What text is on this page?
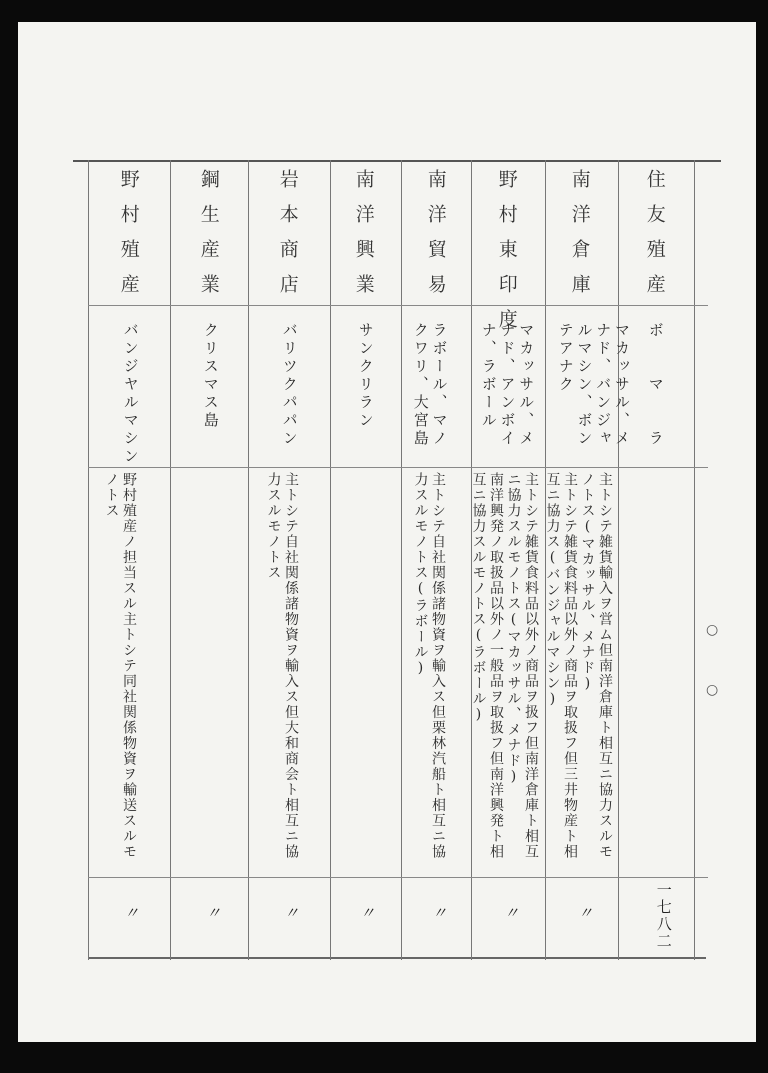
住友殖産
ボ　　マ　　ラ
南洋倉庫
マカッサル、メナド、バンジャルマシン、ボンテアナク
主トシテ雑貨輸入ヲ営ム但南洋倉庫ト相互ニ協力スルモノトス(マカッサル、メナド)
主トシテ雑貨食料品以外ノ商品ヲ取扱フ但三井物産ト相互ニ協力ス(バンジャルマシン)
〃
野村東印度
マカッサル、メナド、アンボイナ、ラボール
主トシテ雑貨食料品以外ノ商品ヲ扱フ但南洋倉庫ト相互ニ協力スルモノトス(マカッサル、メナド)
南洋興発ノ取扱品以外ノ一般品ヲ取扱フ但南洋興発ト相互ニ協力スルモノトス(ラボール)
〃
南洋貿易
ラボール、マノクワリ、大宮島
主トシテ自社関係諸物資ヲ輸入ス但栗林汽船ト相互ニ協力スルモノトス(ラボール)
〃
南洋興業
サンクリラン
〃
岩本商店
バリツクパパン
主トシテ自社関係諸物資ヲ輸入ス但大和商会ト相互ニ協力スルモノトス
〃
鋼生産業
クリスマス島
〃
野村殖産
バンジヤルマシン
野村殖産ノ担当スル主トシテ同社関係物資ヲ輸送スルモノトス
〃	一七八二
○
○
